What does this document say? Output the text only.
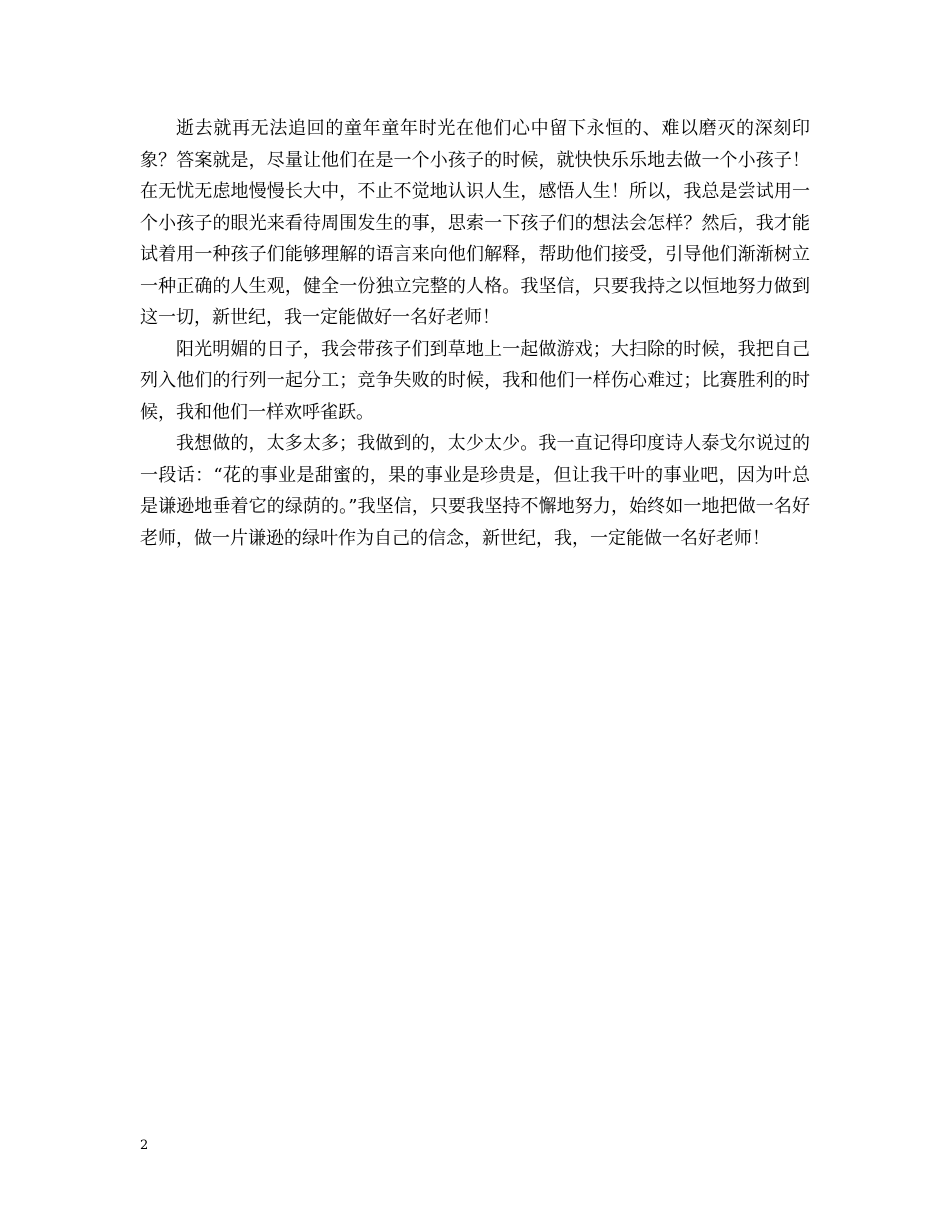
逝去就再无法追回的童年童年时光在他们心中留下永恒的、难以磨灭的深刻印象？答案就是，尽量让他们在是一个小孩子的时候，就快快乐乐地去做一个小孩子！在无忧无虑地慢慢长大中，不止不觉地认识人生，感悟人生！所以，我总是尝试用一个小孩子的眼光来看待周围发生的事，思索一下孩子们的想法会怎样？然后，我才能试着用一种孩子们能够理解的语言来向他们解释，帮助他们接受，引导他们渐渐树立一种正确的人生观，健全一份独立完整的人格。我坚信，只要我持之以恒地努力做到这一切，新世纪，我一定能做好一名好老师！

阳光明媚的日子，我会带孩子们到草地上一起做游戏；大扫除的时候，我把自己列入他们的行列一起分工；竞争失败的时候，我和他们一样伤心难过；比赛胜利的时候，我和他们一样欢呼雀跃。

我想做的，太多太多；我做到的，太少太少。我一直记得印度诗人泰戈尔说过的一段话：“花的事业是甜蜜的，果的事业是珍贵是，但让我干叶的事业吧，因为叶总是谦逊地垂着它的绿荫的。”我坚信，只要我坚持不懈地努力，始终如一地把做一名好老师，做一片谦逊的绿叶作为自己的信念，新世纪，我，一定能做一名好老师！

2
